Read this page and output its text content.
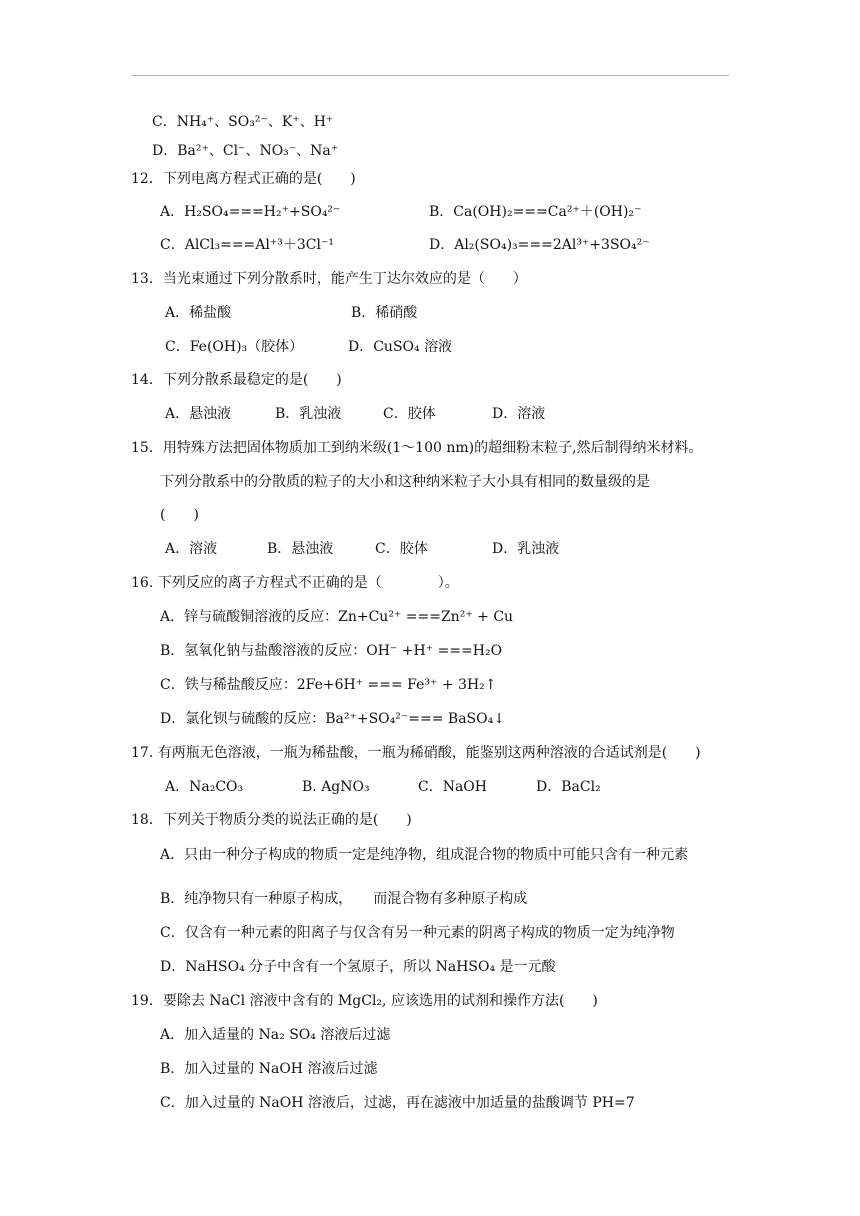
C．NH₄⁺、SO₃²⁻、K⁺、H⁺
D．Ba²⁺、Cl⁻、NO₃⁻、Na⁺
12．下列电离方程式正确的是(　　)
A．H₂SO₄===H₂⁺+SO₄²⁻	B．Ca(OH)₂===Ca²⁺＋(OH)₂⁻
C．AlCl₃===Al⁺³＋3Cl⁻¹	D．Al₂(SO₄)₃===2Al³⁺+3SO₄²⁻
13．当光束通过下列分散系时，能产生丁达尔效应的是（　　）
A．稀盐酸	B．稀硝酸
C．Fe(OH)₃（胶体）	D．CuSO₄ 溶液
14．下列分散系最稳定的是(　　)
A．悬浊液	B．乳浊液	C．胶体	D．溶液
15．用特殊方法把固体物质加工到纳米级(1～100 nm)的超细粉末粒子,然后制得纳米材料。
下列分散系中的分散质的粒子的大小和这种纳米粒子大小具有相同的数量级的是
(　　)
A．溶液	B．悬浊液	C．胶体	D．乳浊液
16. 下列反应的离子方程式不正确的是（　　　　）。
A．锌与硫酸铜溶液的反应：Zn+Cu²⁺ ===Zn²⁺ + Cu
B．氢氧化钠与盐酸溶液的反应：OH⁻ +H⁺ ===H₂O
C．铁与稀盐酸反应：2Fe+6H⁺ === Fe³⁺ + 3H₂↑
D．氯化钡与硫酸的反应：Ba²⁺+SO₄²⁻=== BaSO₄↓
17. 有两瓶无色溶液，一瓶为稀盐酸，一瓶为稀硝酸，能鉴别这两种溶液的合适试剂是(　　)
A．Na₂CO₃	B. AgNO₃	C．NaOH	D．BaCl₂
18．下列关于物质分类的说法正确的是(　　)
A．只由一种分子构成的物质一定是纯净物，组成混合物的物质中可能只含有一种元素
B．纯净物只有一种原子构成，　　而混合物有多种原子构成
C．仅含有一种元素的阳离子与仅含有另一种元素的阴离子构成的物质一定为纯净物
D．NaHSO₄ 分子中含有一个氢原子，所以 NaHSO₄ 是一元酸
19．要除去 NaCl 溶液中含有的 MgCl₂, 应该选用的试剂和操作方法(　　)
A．加入适量的 Na₂ SO₄ 溶液后过滤
B．加入过量的 NaOH 溶液后过滤
C．加入过量的 NaOH 溶液后，过滤，再在滤液中加适量的盐酸调节 PH=7
